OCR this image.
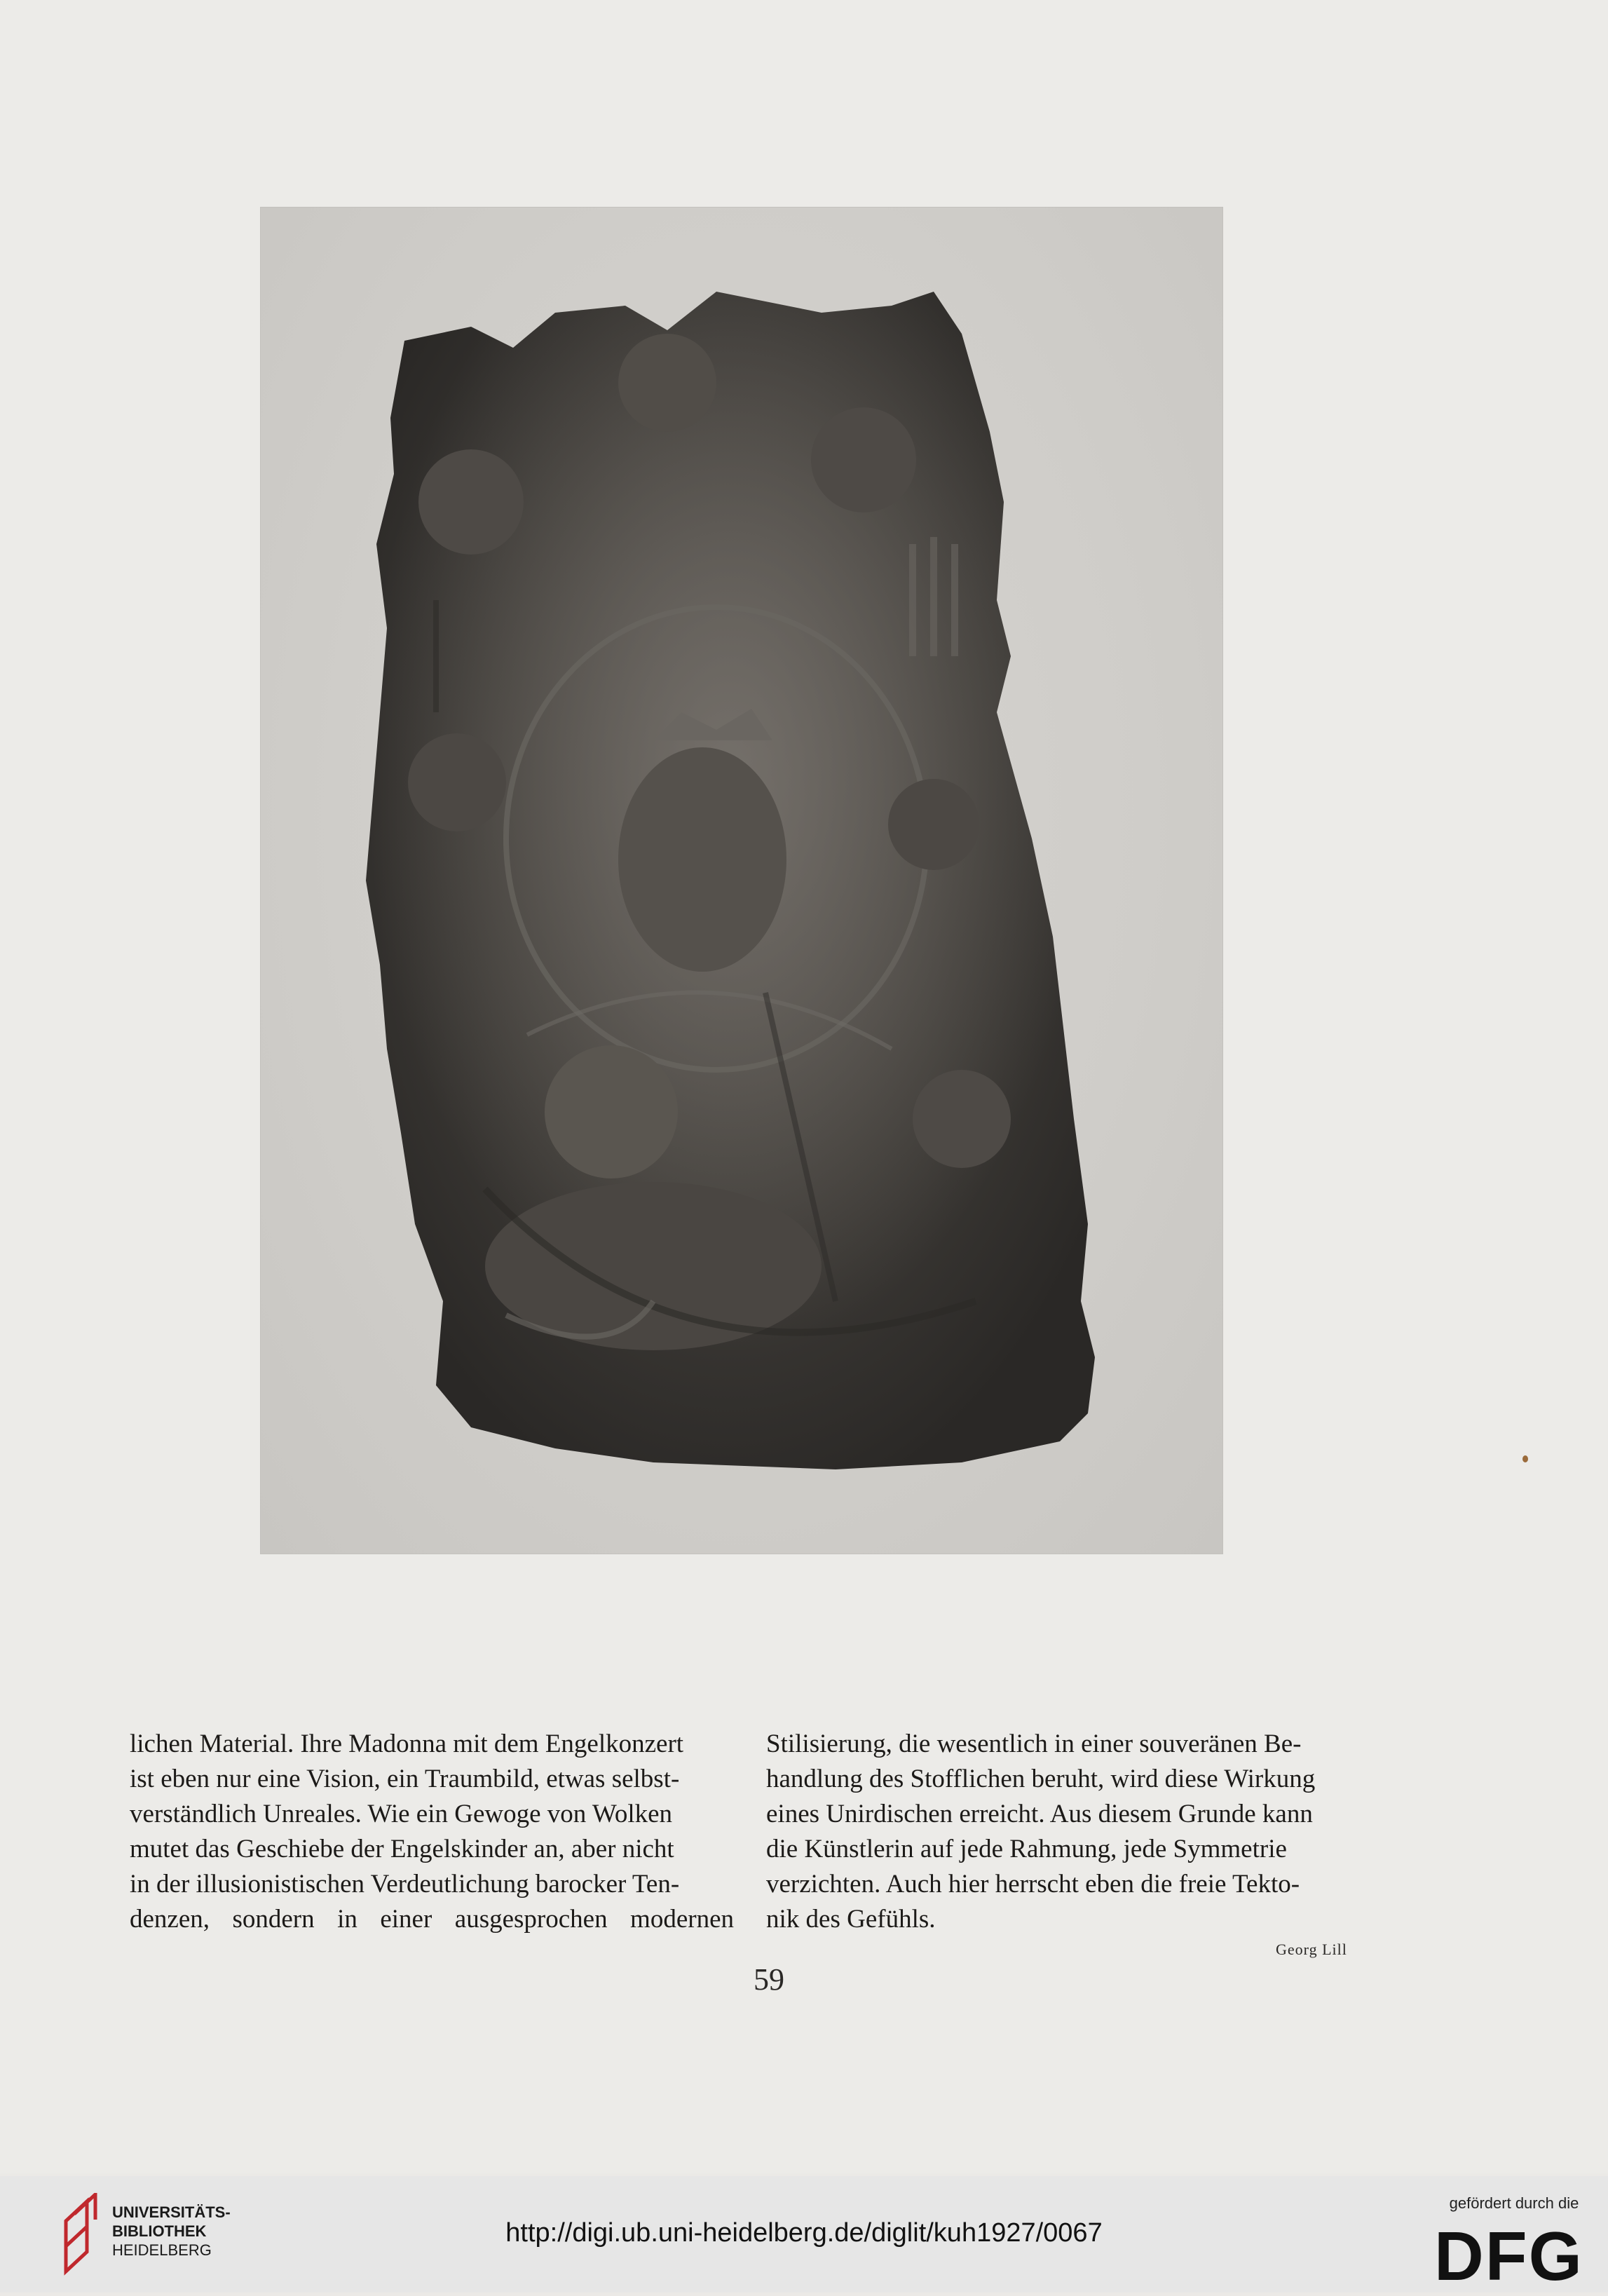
lichen Material. Ihre Madonna mit dem Engelkonzert

ist eben nur eine Vision, ein Traumbild, etwas selbst-

verständlich Unreales. Wie ein Gewoge von Wolken

mutet das Geschiebe der Engelskinder an, aber nicht

in der illusionistischen Verdeutlichung barocker Ten-

denzen, sondern in einer ausgesprochen modernen

Stilisierung, die wesentlich in einer souveränen Be-

handlung des Stofflichen beruht, wird diese Wirkung

eines Unirdischen erreicht. Aus diesem Grunde kann

die Künstlerin auf jede Rahmung, jede Symmetrie

verzichten. Auch hier herrscht eben die freie Tekto-

nik des Gefühls.

Georg Lill
59
UNIVERSITÄTS-
BIBLIOTHEK
HEIDELBERG
http://digi.ub.uni-heidelberg.de/diglit/kuh1927/0067
gefördert durch die
DFG
